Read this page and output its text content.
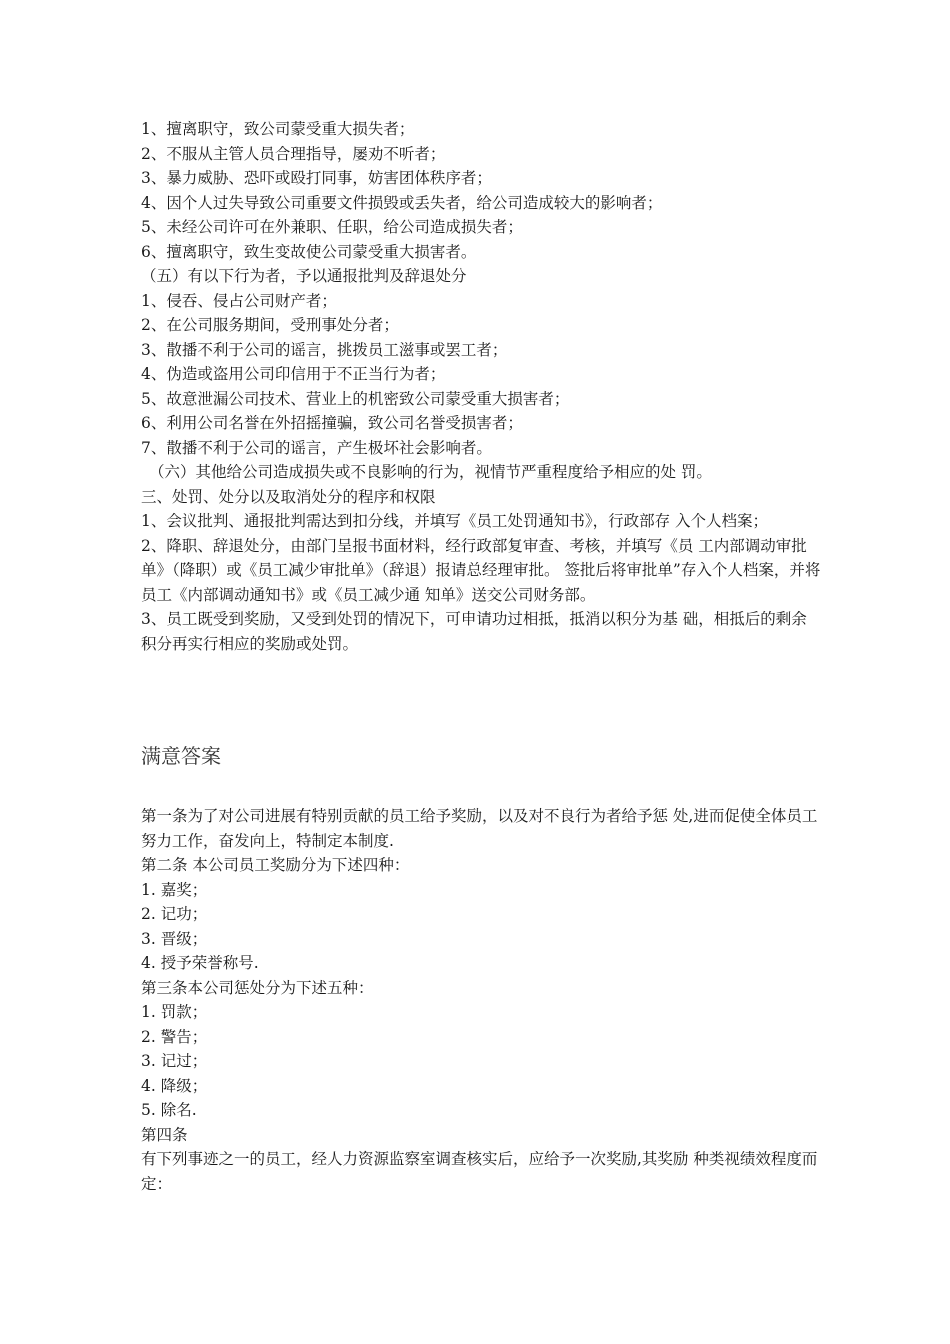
1、擅离职守，致公司蒙受重大损失者；
2、不服从主管人员合理指导，屡劝不听者；
3、暴力威胁、恐吓或殴打同事，妨害团体秩序者；
4、因个人过失导致公司重要文件损毁或丢失者，给公司造成较大的影响者；
5、未经公司许可在外兼职、任职，给公司造成损失者；
6、擅离职守，致生变故使公司蒙受重大损害者。
（五）有以下行为者，予以通报批判及辞退处分
1、侵吞、侵占公司财产者；
2、在公司服务期间，受刑事处分者；
3、散播不利于公司的谣言，挑拨员工滋事或罢工者；
4、伪造或盗用公司印信用于不正当行为者；
5、故意泄漏公司技术、营业上的机密致公司蒙受重大损害者；
6、利用公司名誉在外招摇撞骗，致公司名誉受损害者；
7、散播不利于公司的谣言，产生极坏社会影响者。
（六）其他给公司造成损失或不良影响的行为，视情节严重程度给予相应的处 罚。
三、处罚、处分以及取消处分的程序和权限
1、会议批判、通报批判需达到扣分线，并填写《员工处罚通知书》，行政部存 入个人档案；
2、降职、辞退处分，由部门呈报书面材料，经行政部复审查、考核，并填写《员 工内部调动审批单》（降职）或《员工减少审批单》（辞退）报请总经理审批。 签批后将审批单”存入个人档案，并将员工《内部调动通知书》或《员工减少通 知单》送交公司财务部。
3、员工既受到奖励，又受到处罚的情况下，可申请功过相抵，抵消以积分为基 础，相抵后的剩余积分再实行相应的奖励或处罚。
满意答案
第一条为了对公司进展有特别贡献的员工给予奖励，以及对不良行为者给予惩 处,进而促使全体员工努力工作，奋发向上，特制定本制度.
第二条 本公司员工奖励分为下述四种：
1. 嘉奖；
2. 记功；
3. 晋级；
4. 授予荣誉称号.
第三条本公司惩处分为下述五种：
1. 罚款；
2. 警告；
3. 记过；
4. 降级；
5. 除名.
第四条
有下列事迹之一的员工，经人力资源监察室调查核实后，应给予一次奖励,其奖励 种类视绩效程度而定：
